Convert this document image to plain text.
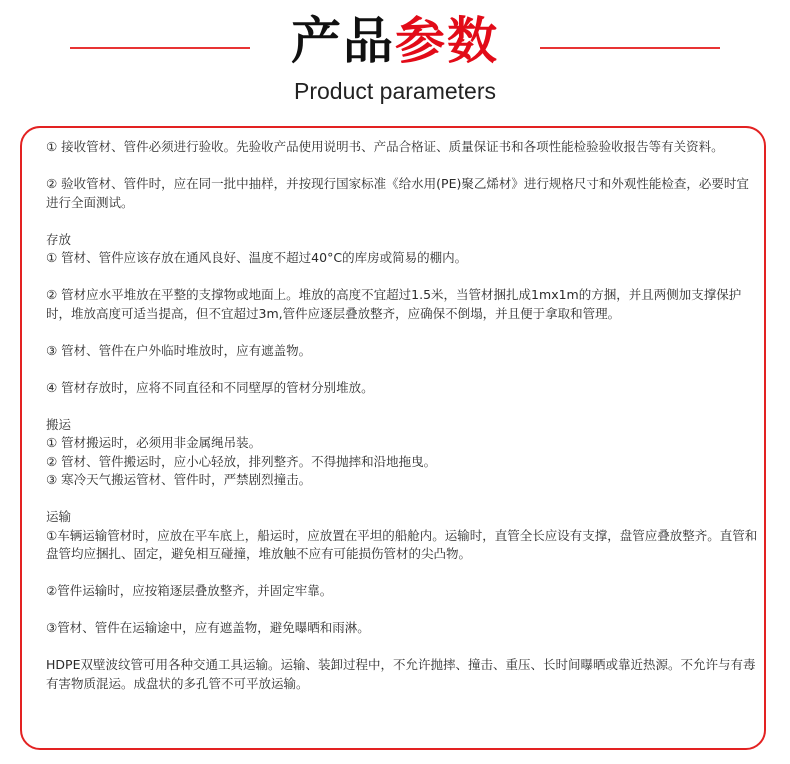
产品参数
Product parameters

① 接收管材、管件必须进行验收。先验收产品使用说明书、产品合格证、质量保证书和各项性能检验验收报告等有关资料。

② 验收管材、管件时，应在同一批中抽样，并按现行国家标准《给水用(PE)聚乙烯材》进行规格尺寸和外观性能检查，必要时宜进行全面测试。

存放

① 管材、管件应该存放在通风良好、温度不超过40°C的库房或简易的棚内。

② 管材应水平堆放在平整的支撑物或地面上。堆放的高度不宜超过1.5米，当管材捆扎成1mx1m的方捆，并且两侧加支撑保护时，堆放高度可适当提高，但不宜超过3m,管件应逐层叠放整齐，应确保不倒塌，并且便于拿取和管理。

③ 管材、管件在户外临时堆放时，应有遮盖物。

④ 管材存放时，应将不同直径和不同壁厚的管材分别堆放。

搬运

① 管材搬运时，必须用非金属绳吊装。

② 管材、管件搬运时，应小心轻放，排列整齐。不得抛摔和沿地拖曳。

③ 寒冷天气搬运管材、管件时，严禁剧烈撞击。

运输

①车辆运输管材时，应放在平车底上，船运时，应放置在平坦的船舱内。运输时，直管全长应设有支撑，盘管应叠放整齐。直管和盘管均应捆扎、固定，避免相互碰撞，堆放触不应有可能损伤管材的尖凸物。

②管件运输时，应按箱逐层叠放整齐，并固定牢靠。

③管材、管件在运输途中，应有遮盖物，避免曝晒和雨淋。

HDPE双壁波纹管可用各种交通工具运输。运输、装卸过程中，不允许抛摔、撞击、重压、长时间曝晒或靠近热源。不允许与有毒有害物质混运。成盘状的多孔管不可平放运输。
